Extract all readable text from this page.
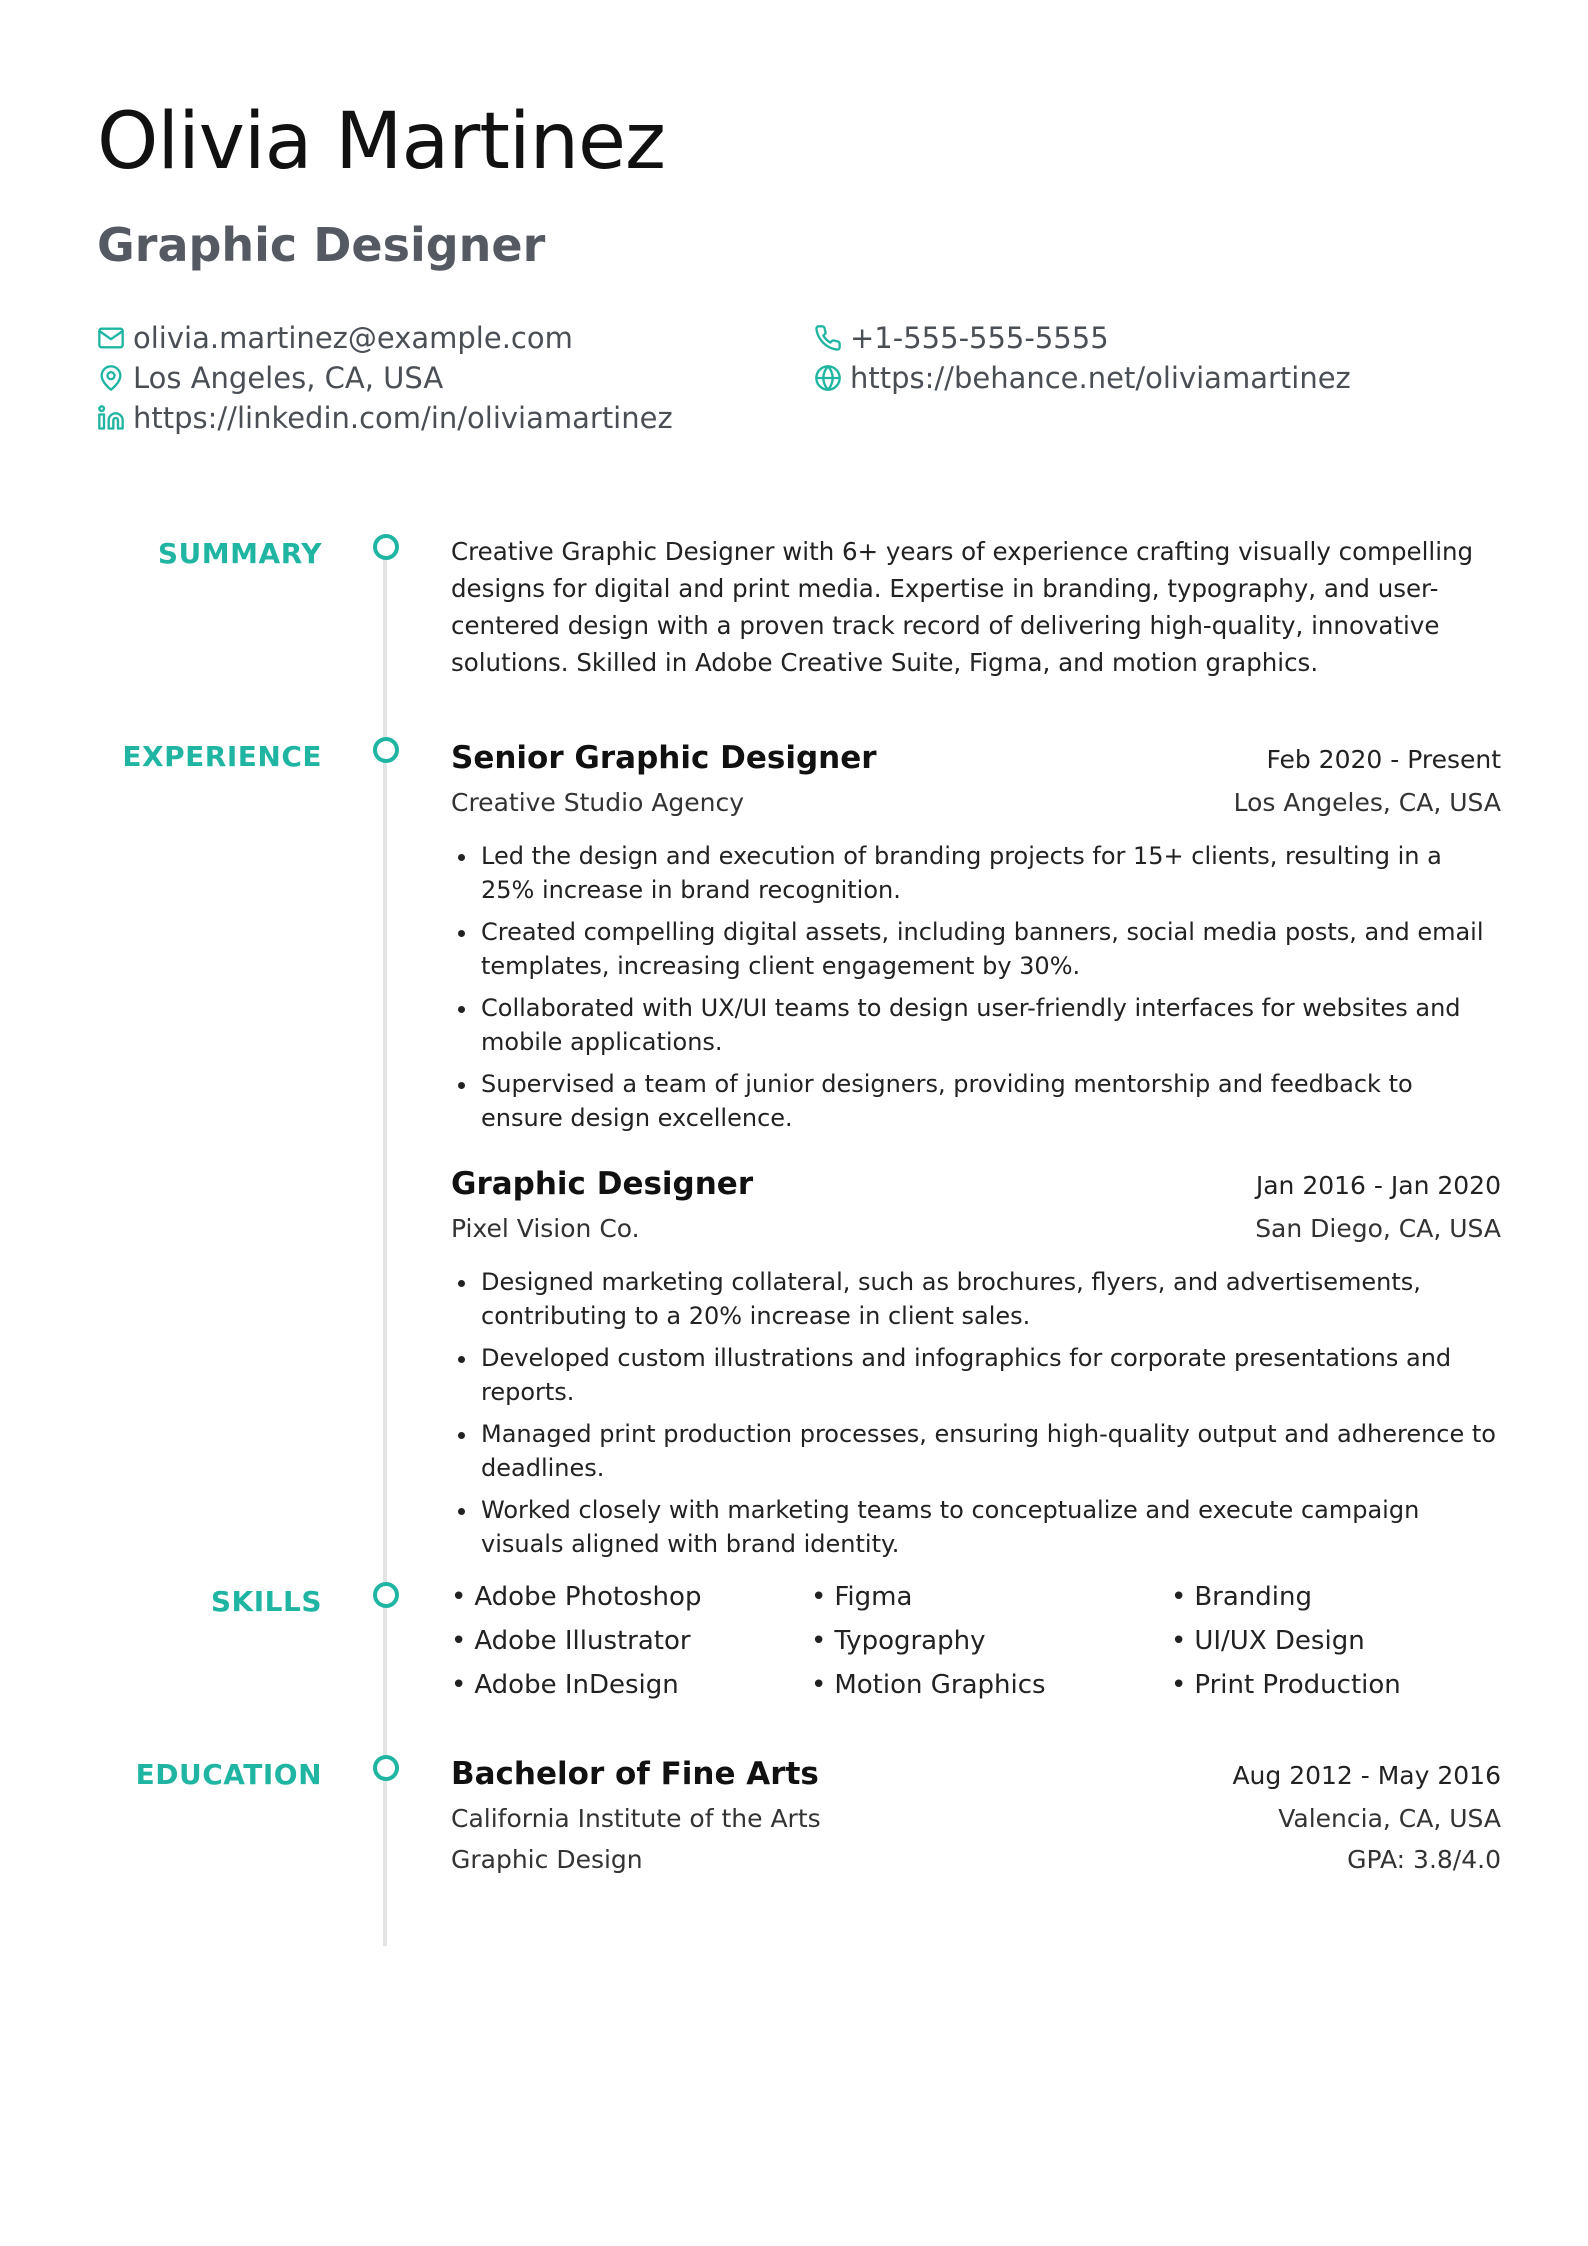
Olivia Martinez
Graphic Designer
olivia.martinez@example.com
Los Angeles, CA, USA
https://linkedin.com/in/oliviamartinez
+1-555-555-5555
https://behance.net/oliviamartinez
SUMMARY	Creative Graphic Designer with 6+ years of experience crafting visually compelling designs for digital and print media. Expertise in branding, typography, and user-centered design with a proven track record of delivering high-quality, innovative solutions. Skilled in Adobe Creative Suite, Figma, and motion graphics.

EXPERIENCE	Senior Graphic Designer	Feb 2020 - Present
Creative Studio Agency	Los Angeles, CA, USA
• Led the design and execution of branding projects for 15+ clients, resulting in a 25% increase in brand recognition.
• Created compelling digital assets, including banners, social media posts, and email templates, increasing client engagement by 30%.
• Collaborated with UX/UI teams to design user-friendly interfaces for websites and mobile applications.
• Supervised a team of junior designers, providing mentorship and feedback to ensure design excellence.
Graphic Designer	Jan 2016 - Jan 2020
Pixel Vision Co.	San Diego, CA, USA
• Designed marketing collateral, such as brochures, flyers, and advertisements, contributing to a 20% increase in client sales.
• Developed custom illustrations and infographics for corporate presentations and reports.
• Managed print production processes, ensuring high-quality output and adherence to deadlines.
• Worked closely with marketing teams to conceptualize and execute campaign visuals aligned with brand identity.
SKILLS	• Adobe Photoshop	• Figma	• Branding
• Adobe Illustrator	• Typography	• UI/UX Design
• Adobe InDesign	• Motion Graphics	• Print Production
EDUCATION	Bachelor of Fine Arts	Aug 2012 - May 2016
California Institute of the Arts	Valencia, CA, USA
Graphic Design	GPA: 3.8/4.0
